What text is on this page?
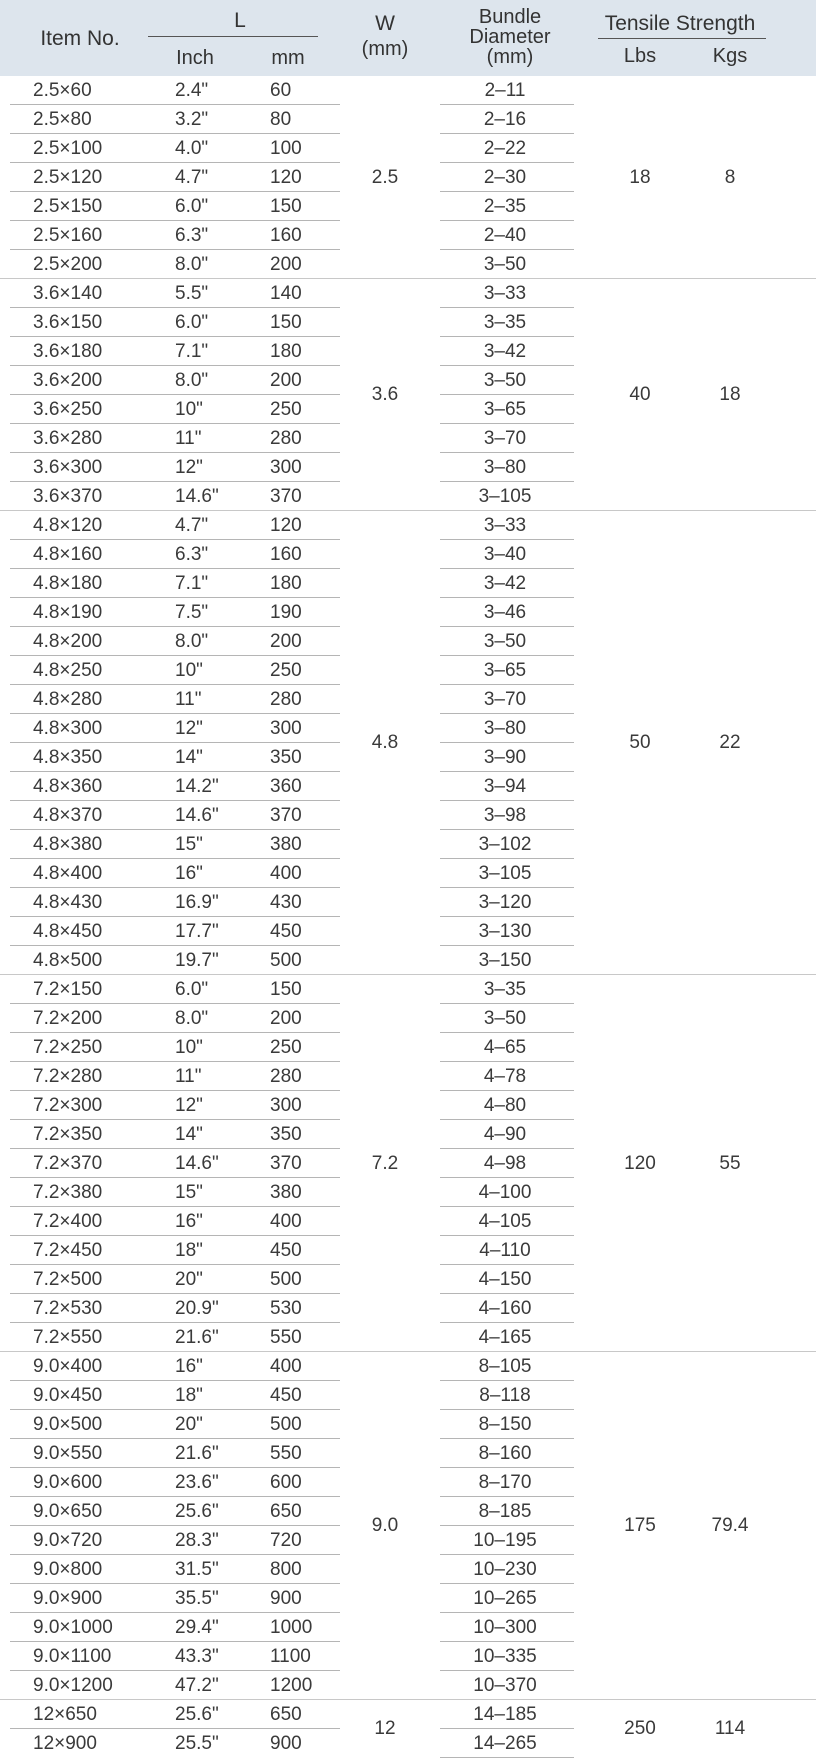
Item No.
L
Inch	mm
W
(mm)
Bundle
Diameter
(mm)
Tensile Strength
Lbs	Kgs
2.5×60	2.4"	60	2–11
2.5×80	3.2"	80	2–16
2.5×100	4.0"	100	2–22
2.5×120	4.7"	120	2–30
2.5×150	6.0"	150	2–35
2.5×160	6.3"	160	2–40
2.5×200	8.0"	200	3–50
2.5	18	8
3.6×140	5.5"	140	3–33
3.6×150	6.0"	150	3–35
3.6×180	7.1"	180	3–42
3.6×200	8.0"	200	3–50
3.6×250	10"	250	3–65
3.6×280	11"	280	3–70
3.6×300	12"	300	3–80
3.6×370	14.6"	370	3–105
3.6	40	18
4.8×120	4.7"	120	3–33
4.8×160	6.3"	160	3–40
4.8×180	7.1"	180	3–42
4.8×190	7.5"	190	3–46
4.8×200	8.0"	200	3–50
4.8×250	10"	250	3–65
4.8×280	11"	280	3–70
4.8×300	12"	300	3–80
4.8×350	14"	350	3–90
4.8×360	14.2"	360	3–94
4.8×370	14.6"	370	3–98
4.8×380	15"	380	3–102
4.8×400	16"	400	3–105
4.8×430	16.9"	430	3–120
4.8×450	17.7"	450	3–130
4.8×500	19.7"	500	3–150
4.8	50	22
7.2×150	6.0"	150	3–35
7.2×200	8.0"	200	3–50
7.2×250	10"	250	4–65
7.2×280	11"	280	4–78
7.2×300	12"	300	4–80
7.2×350	14"	350	4–90
7.2×370	14.6"	370	4–98
7.2×380	15"	380	4–100
7.2×400	16"	400	4–105
7.2×450	18"	450	4–110
7.2×500	20"	500	4–150
7.2×530	20.9"	530	4–160
7.2×550	21.6"	550	4–165
7.2	120	55
9.0×400	16"	400	8–105
9.0×450	18"	450	8–118
9.0×500	20"	500	8–150
9.0×550	21.6"	550	8–160
9.0×600	23.6"	600	8–170
9.0×650	25.6"	650	8–185
9.0×720	28.3"	720	10–195
9.0×800	31.5"	800	10–230
9.0×900	35.5"	900	10–265
9.0×1000	29.4"	1000	10–300
9.0×1100	43.3"	1100	10–335
9.0×1200	47.2"	1200	10–370
9.0	175	79.4
12×650	25.6"	650	14–185
12×900	25.5"	900	14–265
12	250	114
